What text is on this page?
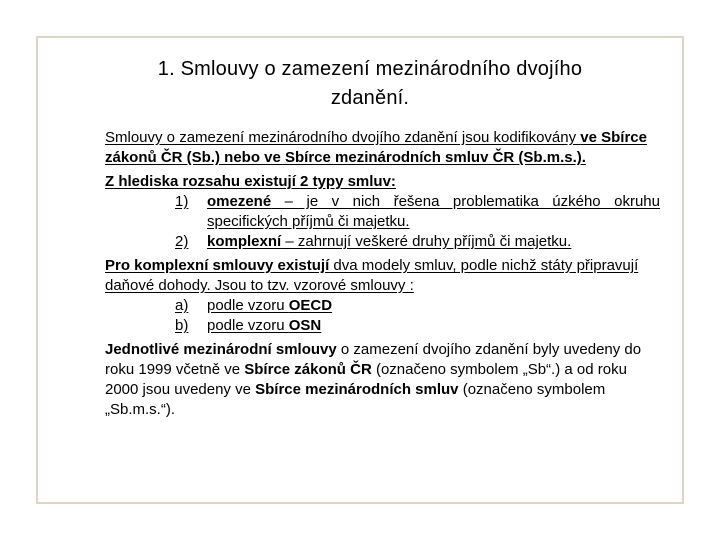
1. Smlouvy o zamezení mezinárodního dvojího
zdanění.

Smlouvy o zamezení mezinárodního dvojího zdanění jsou kodifikovány ve Sbírce zákonů ČR (Sb.) nebo ve Sbírce mezinárodních smluv ČR (Sb.m.s.).

Z hlediska rozsahu existují 2 typy smluv:

1)	omezené – je v nich řešena problematika úzkého okruhu specifických příjmů či majetku.
2)	komplexní – zahrnují veškeré druhy příjmů či majetku.

Pro komplexní smlouvy existují dva modely smluv, podle nichž státy připravují daňové dohody. Jsou to tzv. vzorové smlouvy :

a)	podle vzoru OECD
b)	podle vzoru OSN

Jednotlivé mezinárodní smlouvy o zamezení dvojího zdanění byly uvedeny do roku 1999 včetně ve Sbírce zákonů ČR (označeno symbolem „Sb“.) a od roku 2000 jsou uvedeny ve Sbírce mezinárodních smluv (označeno symbolem „Sb.m.s.“).
